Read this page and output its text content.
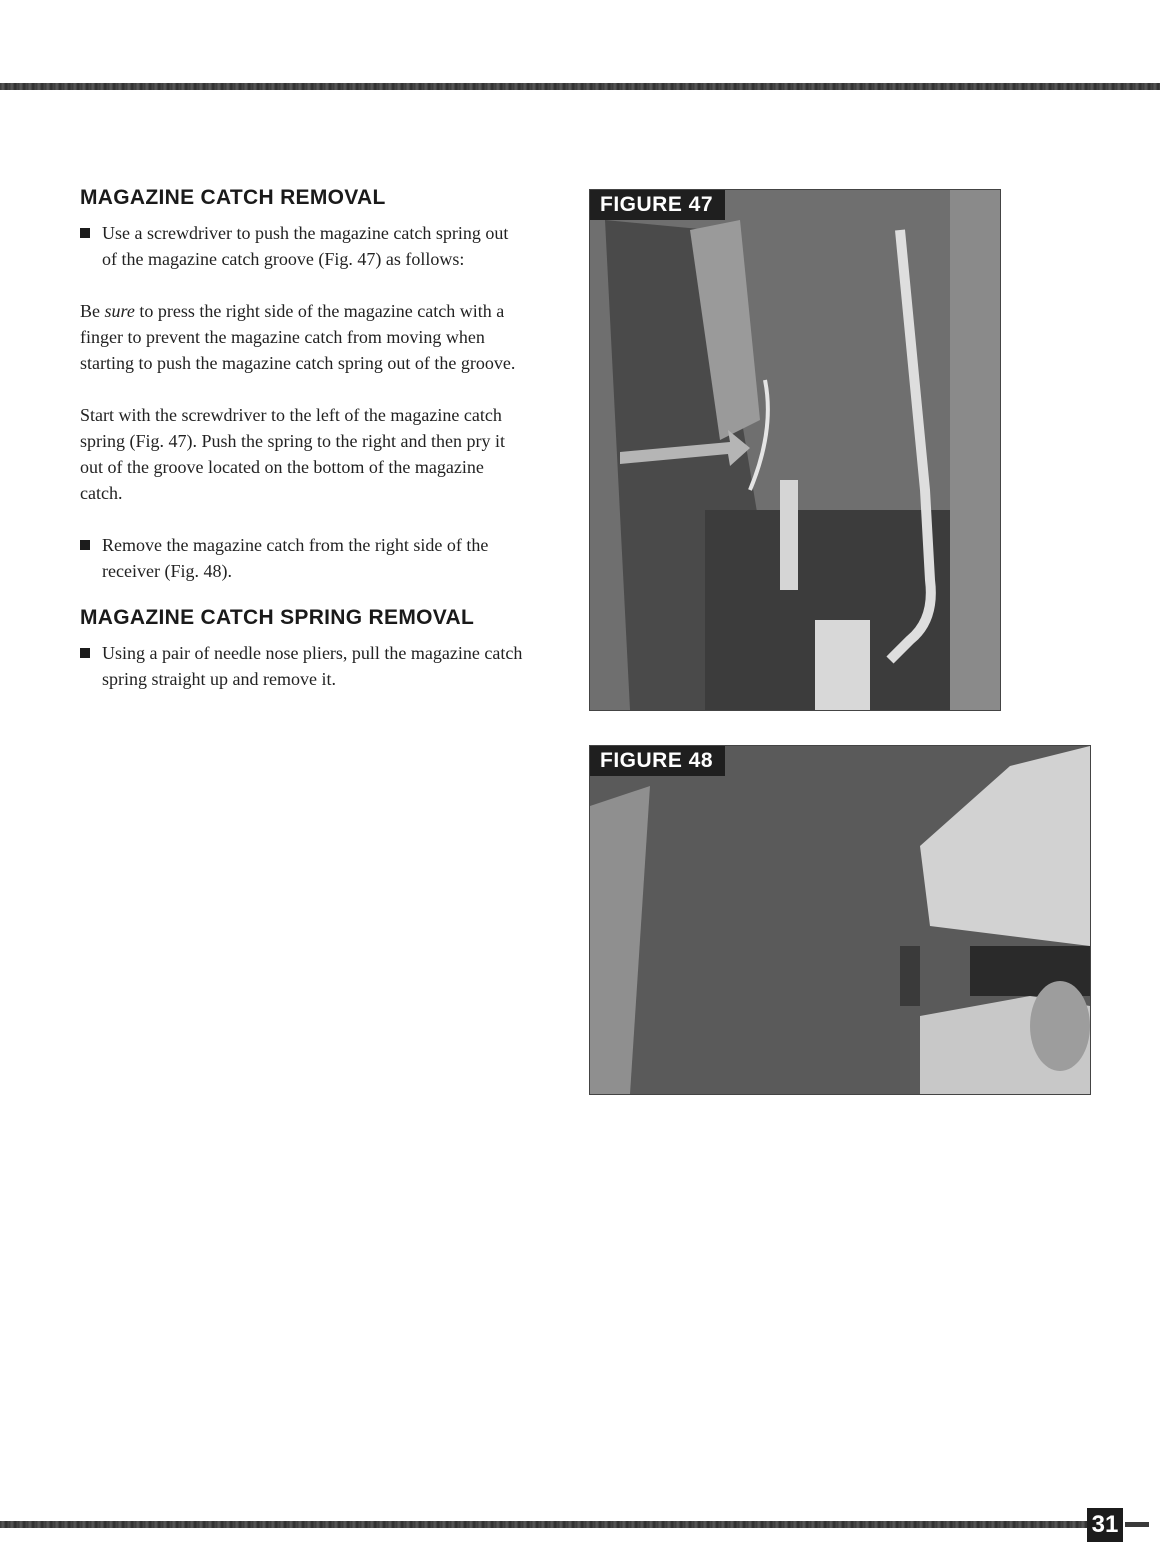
MAGAZINE CATCH REMOVAL

Use a screwdriver to push the magazine catch spring out of the magazine catch groove (Fig. 47) as follows:

Be sure to press the right side of the magazine catch with a finger to prevent the magazine catch from moving when starting to push the magazine catch spring out of the groove.

Start with the screwdriver to the left of the magazine catch spring (Fig. 47). Push the spring to the right and then pry it out of the groove located on the bottom of the magazine catch.

Remove the magazine catch from the right side of the receiver (Fig. 48).

MAGAZINE CATCH SPRING REMOVAL

Using a pair of needle nose pliers, pull the magazine catch spring straight up and remove it.

FIGURE 47
FIGURE 48
31
